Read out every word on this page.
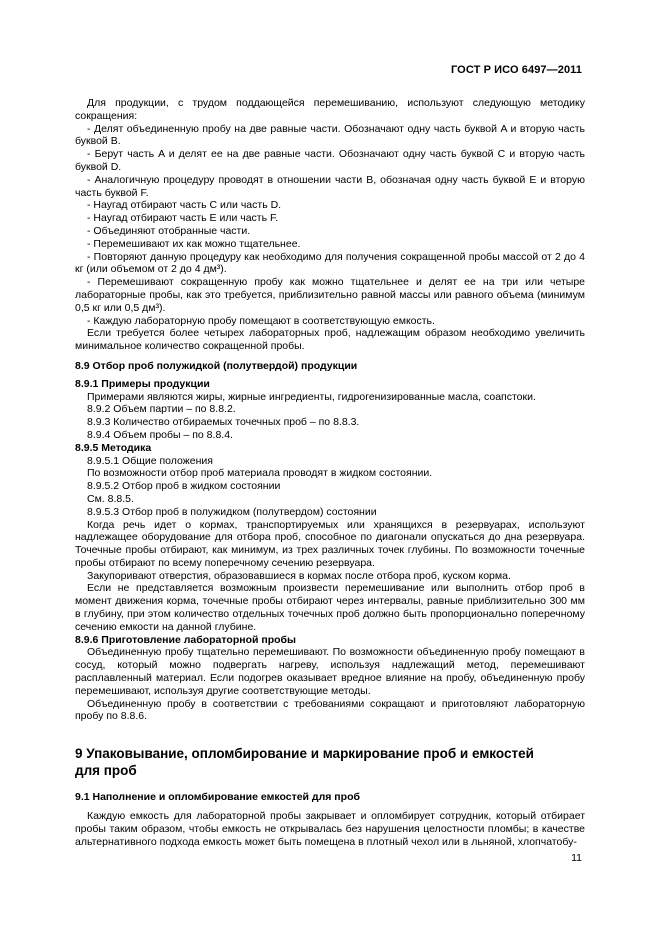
ГОСТ Р ИСО 6497—2011

Для продукции, с трудом поддающейся перемешиванию, используют следующую методику сокращения:

- Делят объединенную пробу на две равные части. Обозначают одну часть буквой A и вторую часть буквой B.

- Берут часть A и делят ее на две равные части. Обозначают одну часть буквой C и вторую часть буквой D.

- Аналогичную процедуру проводят в отношении части B, обозначая одну часть буквой E и вторую часть буквой F.

- Наугад отбирают часть C или часть D.

- Наугад отбирают часть E или часть F.

- Объединяют отобранные части.

- Перемешивают их как можно тщательнее.

- Повторяют данную процедуру как необходимо для получения сокращенной пробы массой от 2 до 4 кг (или объемом от 2 до 4 дм³).

- Перемешивают сокращенную пробу как можно тщательнее и делят ее на три или четыре лабораторные пробы, как это требуется, приблизительно равной массы или равного объема (минимум 0,5 кг или 0,5 дм³).

- Каждую лабораторную пробу помещают в соответствующую емкость.

Если требуется более четырех лабораторных проб, надлежащим образом необходимо увеличить минимальное количество сокращенной пробы.

8.9 Отбор проб полужидкой (полутвердой) продукции

8.9.1 Примеры продукции

Примерами являются жиры, жирные ингредиенты, гидрогенизированные масла, соапстоки.

8.9.2 Объем партии – по 8.8.2.

8.9.3 Количество отбираемых точечных проб – по 8.8.3.

8.9.4 Объем пробы – по 8.8.4.

8.9.5 Методика

8.9.5.1 Общие положения

По возможности отбор проб материала проводят в жидком состоянии.

8.9.5.2 Отбор проб в жидком состоянии

См. 8.8.5.

8.9.5.3 Отбор проб в полужидком (полутвердом) состоянии

Когда речь идет о кормах, транспортируемых или хранящихся в резервуарах, используют надлежащее оборудование для отбора проб, способное по диагонали опускаться до дна резервуара. Точечные пробы отбирают, как минимум, из трех различных точек глубины. По возможности точечные пробы отбирают по всему поперечному сечению резервуара.

Закупоривают отверстия, образовавшиеся в кормах после отбора проб, куском корма.

Если не представляется возможным произвести перемешивание или выполнить отбор проб в момент движения корма, точечные пробы отбирают через интервалы, равные приблизительно 300 мм в глубину, при этом количество отдельных точечных проб должно быть пропорционально поперечному сечению емкости на данной глубине.

8.9.6 Приготовление лабораторной пробы

Объединенную пробу тщательно перемешивают. По возможности объединенную пробу помещают в сосуд, который можно подвергать нагреву, используя надлежащий метод, перемешивают расплавленный материал. Если подогрев оказывает вредное влияние на пробу, объединенную пробу перемешивают, используя другие соответствующие методы.

Объединенную пробу в соответствии с требованиями сокращают и приготовляют лабораторную пробу по 8.8.6.

9 Упаковывание, опломбирование и маркирование проб и емкостей
для проб

9.1 Наполнение и опломбирование емкостей для проб

Каждую емкость для лабораторной пробы закрывает и опломбирует сотрудник, который отбирает пробы таким образом, чтобы емкость не открывалась без нарушения целостности пломбы; в качестве альтернативного подхода емкость может быть помещена в плотный чехол или в льняной, хлопчатобу-

11
